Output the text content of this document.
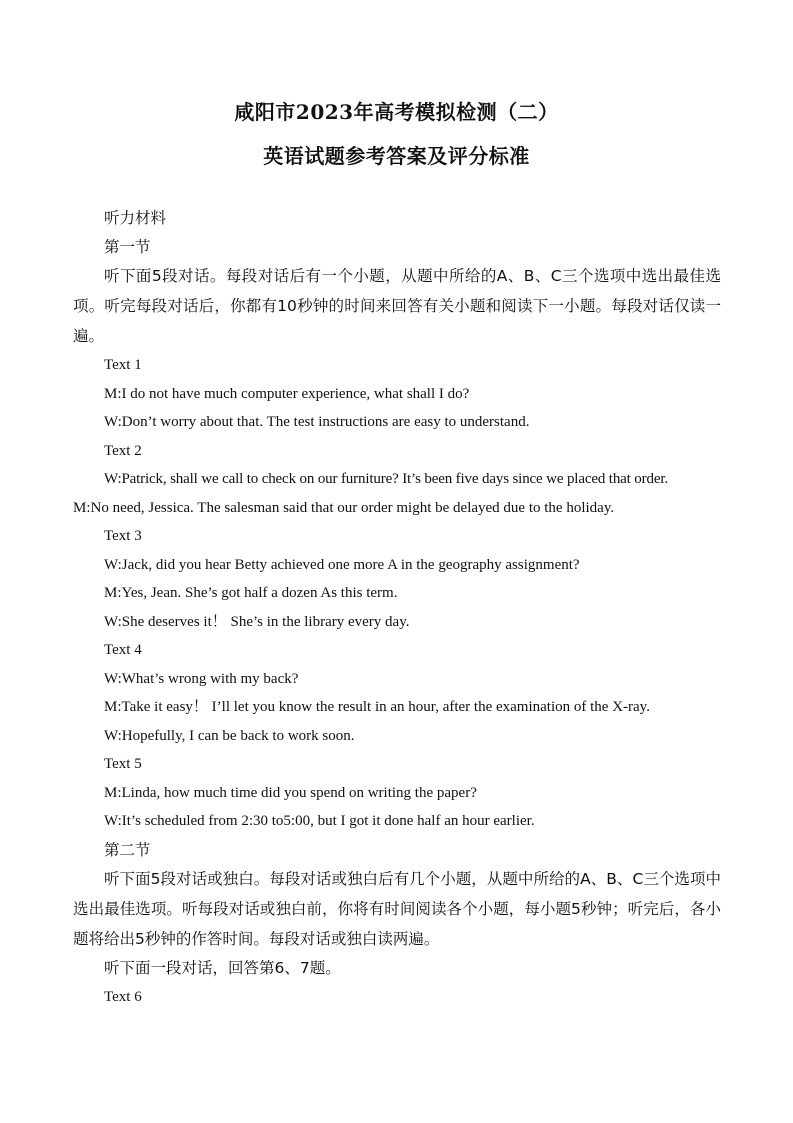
咸阳市2023年高考模拟检测（二）
英语试题参考答案及评分标准
听力材料
第一节
听下面5段对话。每段对话后有一个小题，从题中所给的A、B、C三个选项中选出最佳选项。听完每段对话后，你都有10秒钟的时间来回答有关小题和阅读下一小题。每段对话仅读一遍。
Text 1
M:I do not have much computer experience, what shall I do?
W:Don’t worry about that. The test instructions are easy to understand.
Text 2
W:Patrick, shall we call to check on our furniture? It’s been five days since we placed that order.
M:No need, Jessica. The salesman said that our order might be delayed due to the holiday.
Text 3
W:Jack, did you hear Betty achieved one more A in the geography assignment?
M:Yes, Jean. She’s got half a dozen As this term.
W:She deserves it！ She’s in the library every day.
Text 4
W:What’s wrong with my back?
M:Take it easy！ I’ll let you know the result in an hour, after the examination of the X-ray.
W:Hopefully, I can be back to work soon.
Text 5
M:Linda, how much time did you spend on writing the paper?
W:It’s scheduled from 2:30 to5:00, but I got it done half an hour earlier.
第二节
听下面5段对话或独白。每段对话或独白后有几个小题，从题中所给的A、B、C三个选项中选出最佳选项。听每段对话或独白前，你将有时间阅读各个小题，每小题5秒钟；听完后，各小题将给出5秒钟的作答时间。每段对话或独白读两遍。
听下面一段对话，回答第6、7题。
Text 6
